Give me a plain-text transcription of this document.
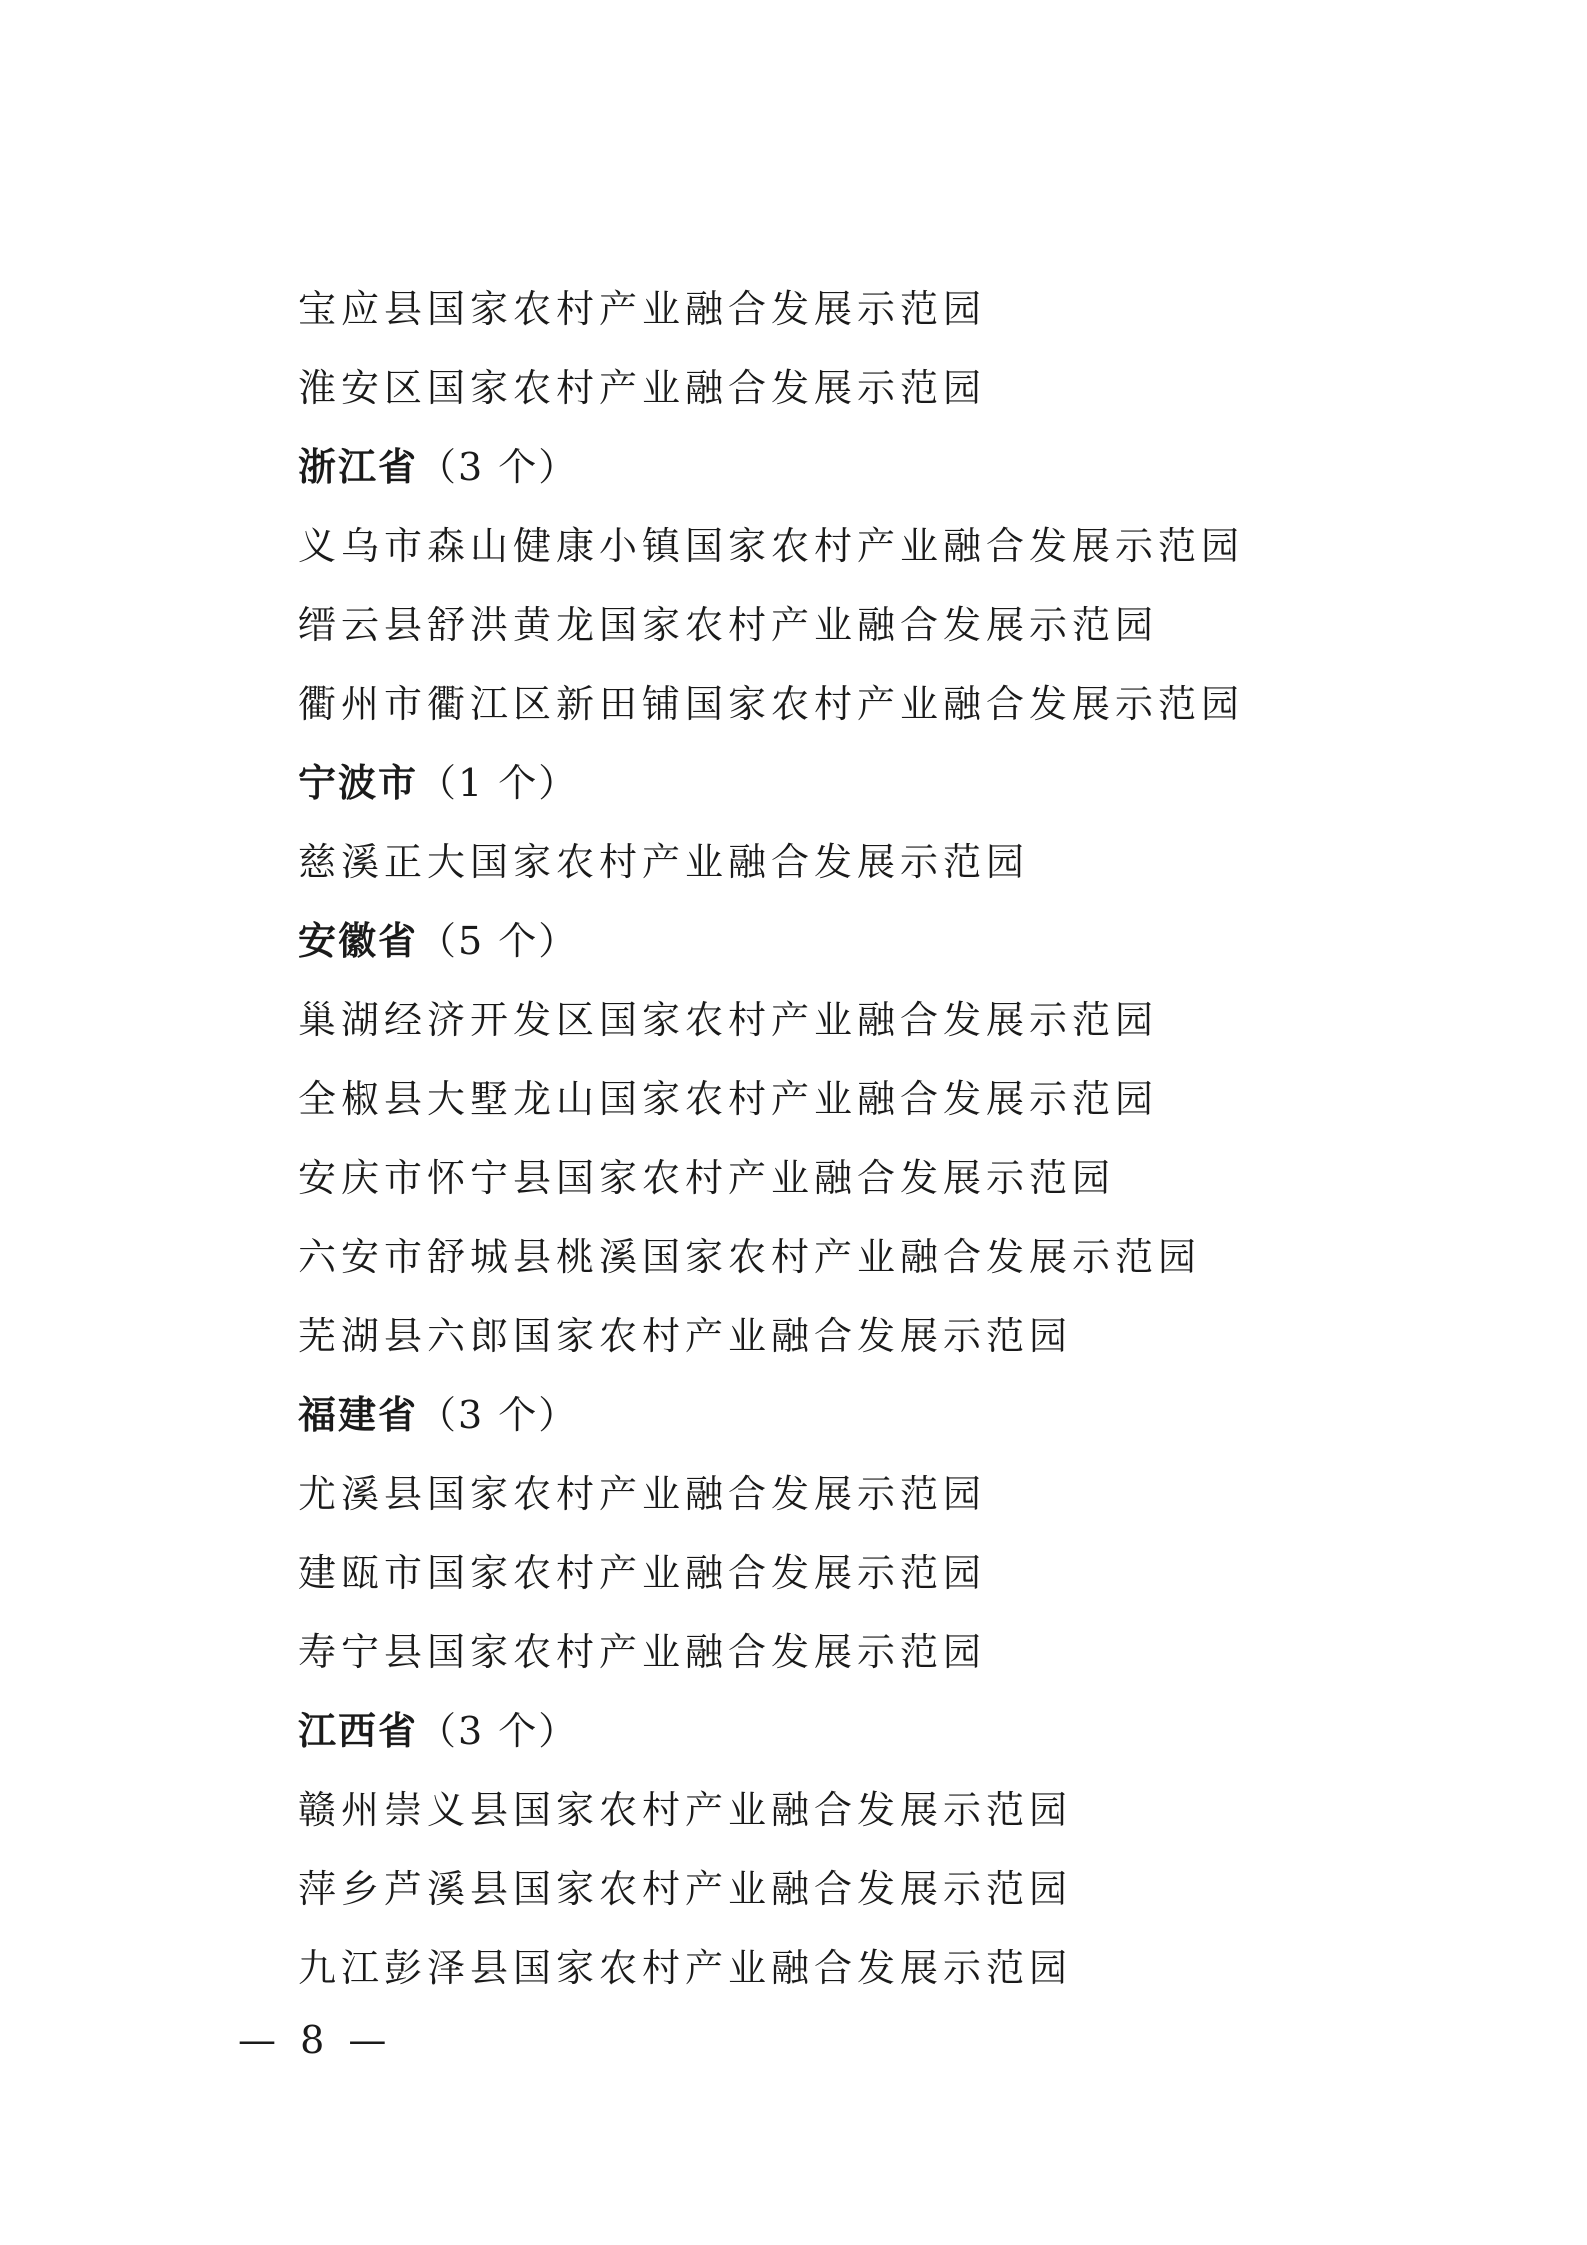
宝应县国家农村产业融合发展示范园
淮安区国家农村产业融合发展示范园
浙江省（3 个）
义乌市森山健康小镇国家农村产业融合发展示范园
缙云县舒洪黄龙国家农村产业融合发展示范园
衢州市衢江区新田铺国家农村产业融合发展示范园
宁波市（1 个）
慈溪正大国家农村产业融合发展示范园
安徽省（5 个）
巢湖经济开发区国家农村产业融合发展示范园
全椒县大墅龙山国家农村产业融合发展示范园
安庆市怀宁县国家农村产业融合发展示范园
六安市舒城县桃溪国家农村产业融合发展示范园
芜湖县六郎国家农村产业融合发展示范园
福建省（3 个）
尤溪县国家农村产业融合发展示范园
建瓯市国家农村产业融合发展示范园
寿宁县国家农村产业融合发展示范园
江西省（3 个）
赣州崇义县国家农村产业融合发展示范园
萍乡芦溪县国家农村产业融合发展示范园
九江彭泽县国家农村产业融合发展示范园
— 8 —
